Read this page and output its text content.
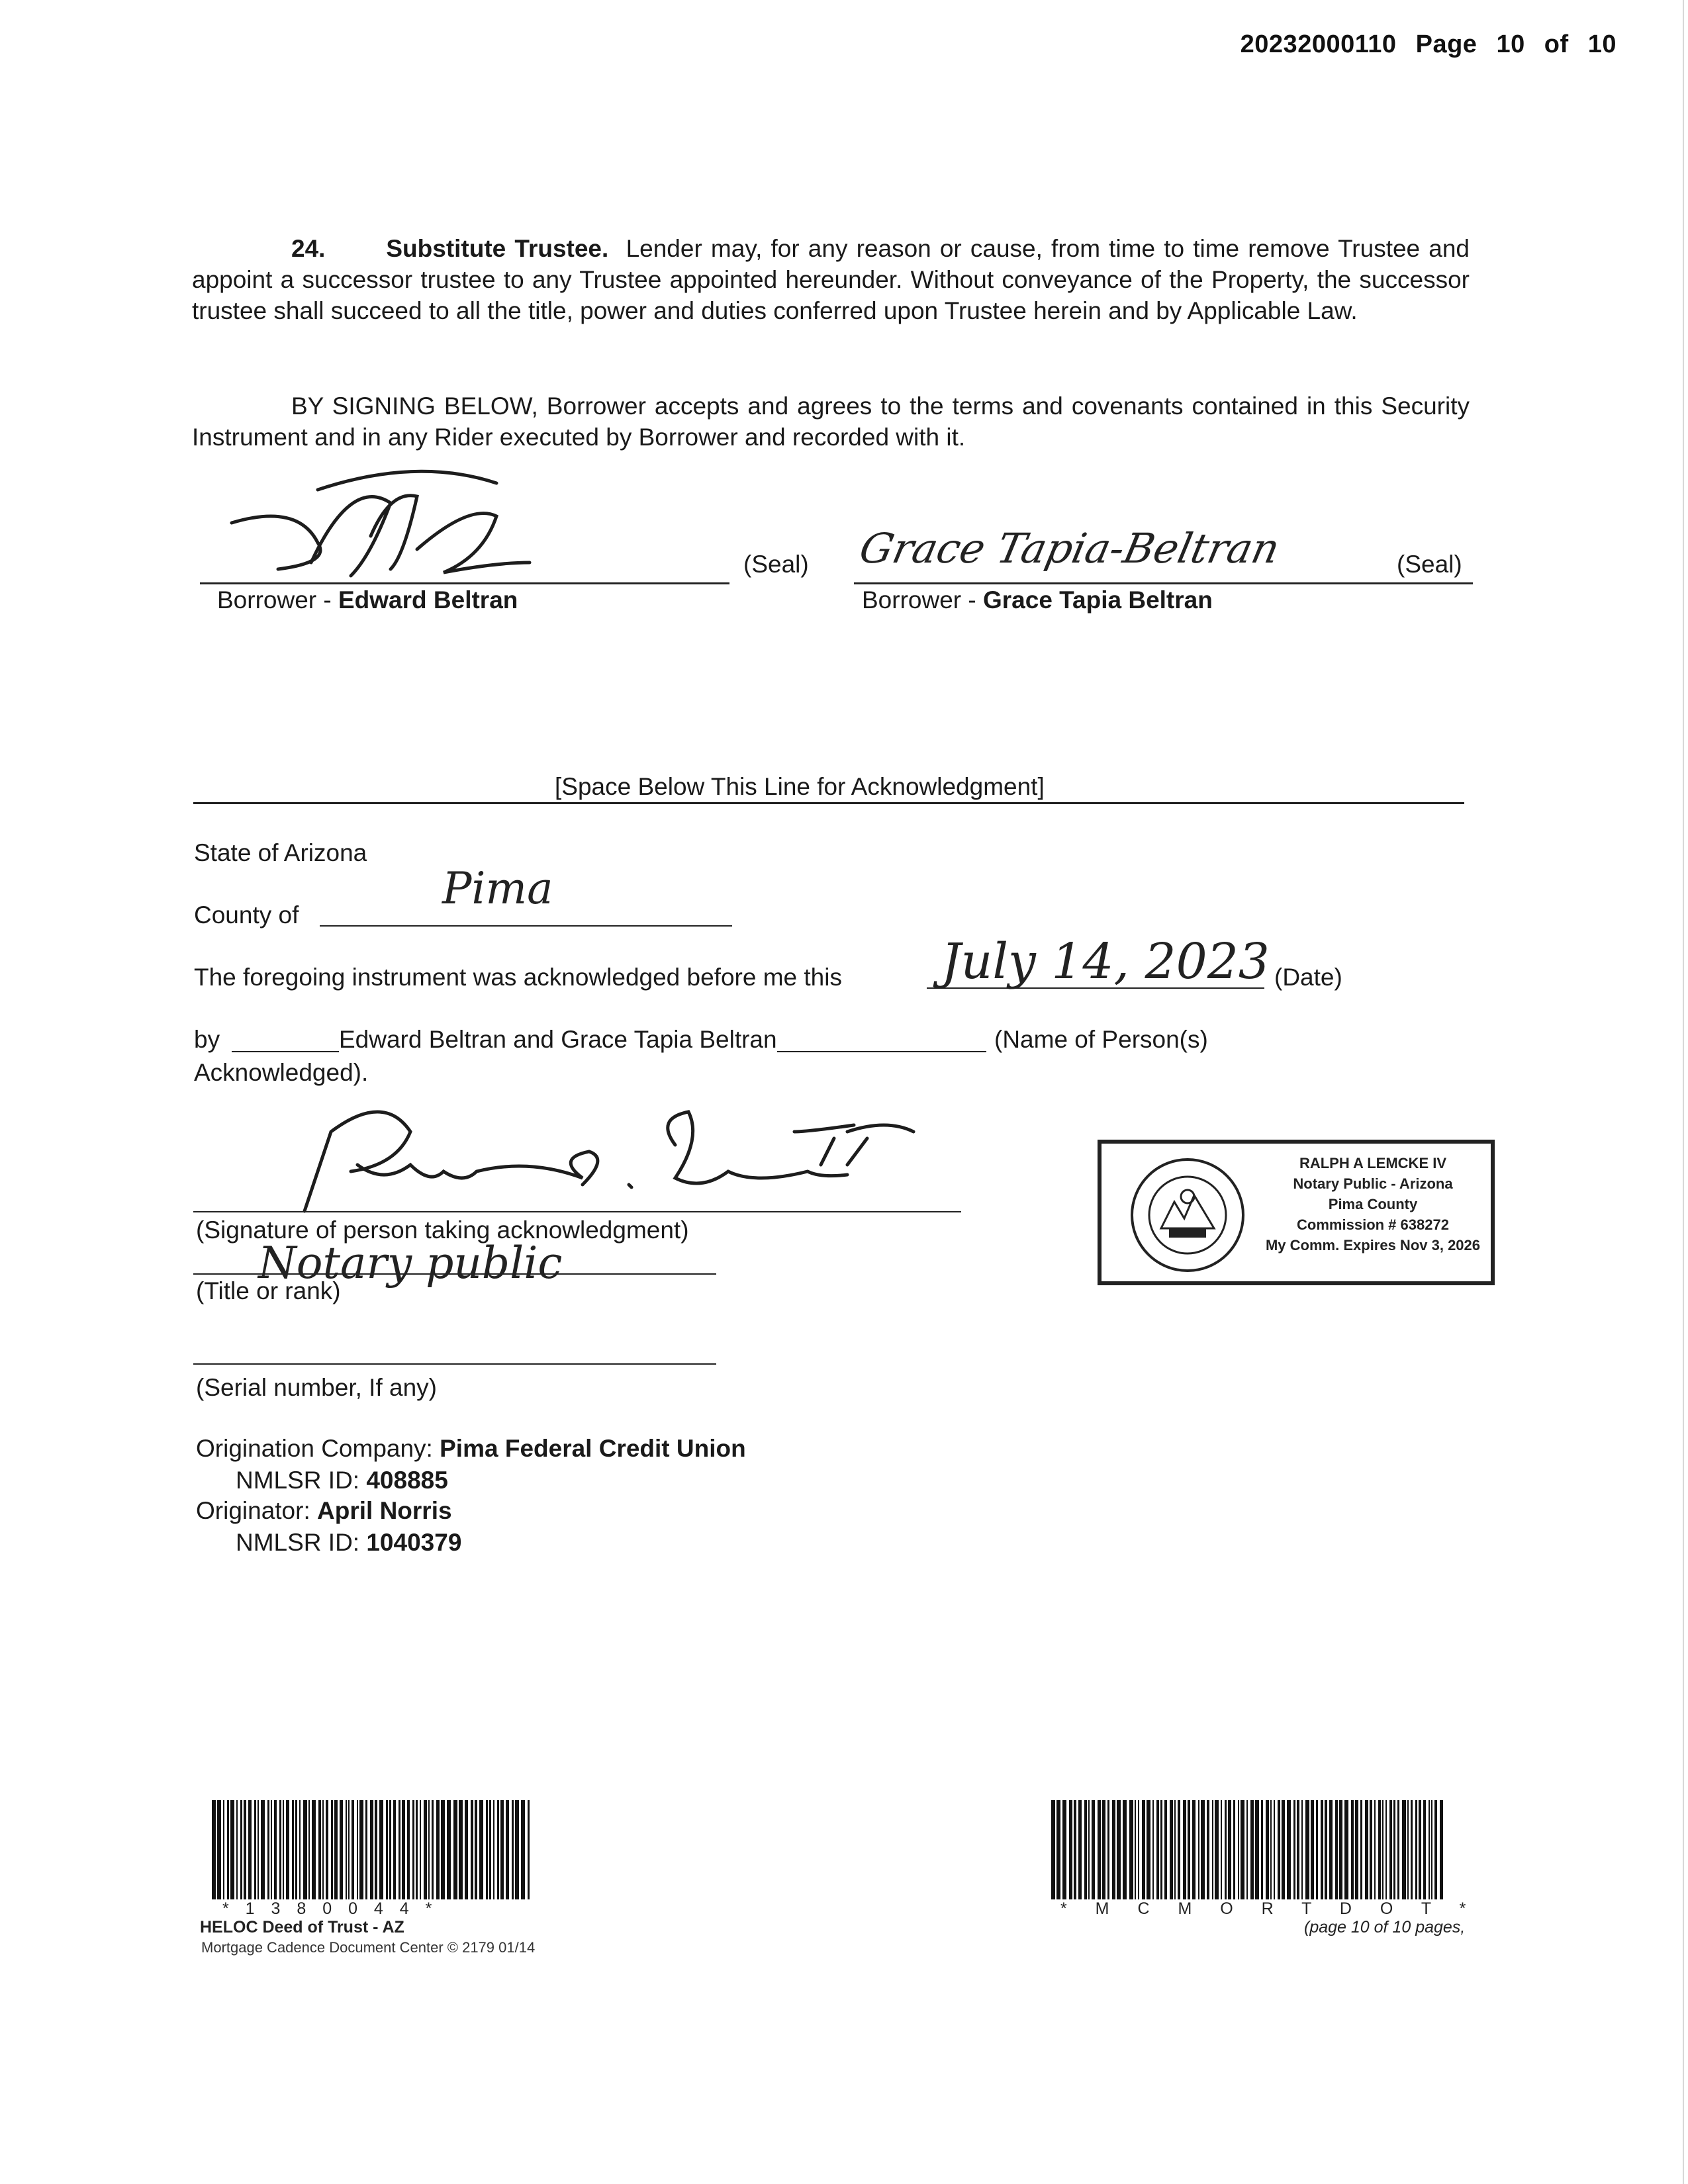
20232000110 Page 10 of 10
24. Substitute Trustee. Lender may, for any reason or cause, from time to time remove Trustee and appoint a successor trustee to any Trustee appointed hereunder. Without conveyance of the Property, the successor trustee shall succeed to all the title, power and duties conferred upon Trustee herein and by Applicable Law.
BY SIGNING BELOW, Borrower accepts and agrees to the terms and covenants contained in this Security Instrument and in any Rider executed by Borrower and recorded with it.
(Seal)
Borrower - Edward Beltran
Grace Tapia-Beltran	(Seal)
Borrower - Grace Tapia Beltran
[Space Below This Line for Acknowledgment]
State of Arizona
County of
Pima
The foregoing instrument was acknowledged before me this July 14, 2023 (Date)
by	Edward Beltran and Grace Tapia Beltran	(Name of Person(s)
Acknowledged).
(Signature of person taking acknowledgment)
Notary public
(Title or rank)
(Serial number, If any)
RALPH A LEMCKE IV
Notary Public - Arizona
Pima County
Commission # 638272
My Comm. Expires Nov 3, 2026
Origination Company: Pima Federal Credit Union
NMLSR ID: 408885
Originator: April Norris
NMLSR ID: 1040379
* 1 3 8 0 0 4 4 *
HELOC Deed of Trust - AZ
Mortgage Cadence Document Center © 2179 01/14
* M C M O R T D O T *
(page 10 of 10 pages,
